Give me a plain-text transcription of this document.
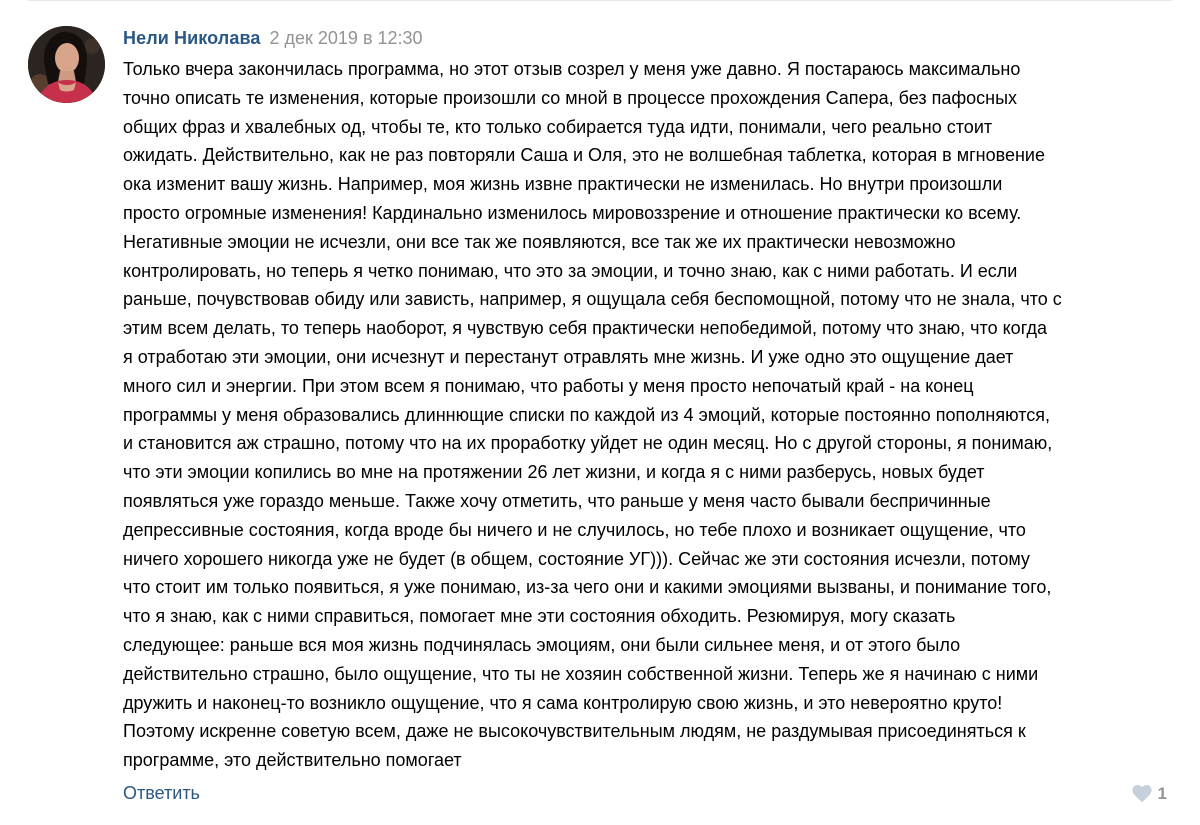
Нели Николава 2 дек 2019 в 12:30
Только вчера закончилась программа, но этот отзыв созрел у меня уже давно. Я постараюсь максимально
точно описать те изменения, которые произошли со мной в процессе прохождения Сапера, без пафосных
общих фраз и хвалебных од, чтобы те, кто только собирается туда идти, понимали, чего реально стоит
ожидать. Действительно, как не раз повторяли Саша и Оля, это не волшебная таблетка, которая в мгновение
ока изменит вашу жизнь. Например, моя жизнь извне практически не изменилась. Но внутри произошли
просто огромные изменения! Кардинально изменилось мировоззрение и отношение практически ко всему.
Негативные эмоции не исчезли, они все так же появляются, все так же их практически невозможно
контролировать, но теперь я четко понимаю, что это за эмоции, и точно знаю, как с ними работать. И если
раньше, почувствовав обиду или зависть, например, я ощущала себя беспомощной, потому что не знала, что с
этим всем делать, то теперь наоборот, я чувствую себя практически непобедимой, потому что знаю, что когда
я отработаю эти эмоции, они исчезнут и перестанут отравлять мне жизнь. И уже одно это ощущение дает
много сил и энергии. При этом всем я понимаю, что работы у меня просто непочатый край - на конец
программы у меня образовались длиннющие списки по каждой из 4 эмоций, которые постоянно пополняются,
и становится аж страшно, потому что на их проработку уйдет не один месяц. Но с другой стороны, я понимаю,
что эти эмоции копились во мне на протяжении 26 лет жизни, и когда я с ними разберусь, новых будет
появляться уже гораздо меньше. Также хочу отметить, что раньше у меня часто бывали беспричинные
депрессивные состояния, когда вроде бы ничего и не случилось, но тебе плохо и возникает ощущение, что
ничего хорошего никогда уже не будет (в общем, состояние УГ))). Сейчас же эти состояния исчезли, потому
что стоит им только появиться, я уже понимаю, из-за чего они и какими эмоциями вызваны, и понимание того,
что я знаю, как с ними справиться, помогает мне эти состояния обходить. Резюмируя, могу сказать
следующее: раньше вся моя жизнь подчинялась эмоциям, они были сильнее меня, и от этого было
действительно страшно, было ощущение, что ты не хозяин собственной жизни. Теперь же я начинаю с ними
дружить и наконец-то возникло ощущение, что я сама контролирую свою жизнь, и это невероятно круто!
Поэтому искренне советую всем, даже не высокочувствительным людям, не раздумывая присоединяться к
программе, это действительно помогает
Ответить	1
